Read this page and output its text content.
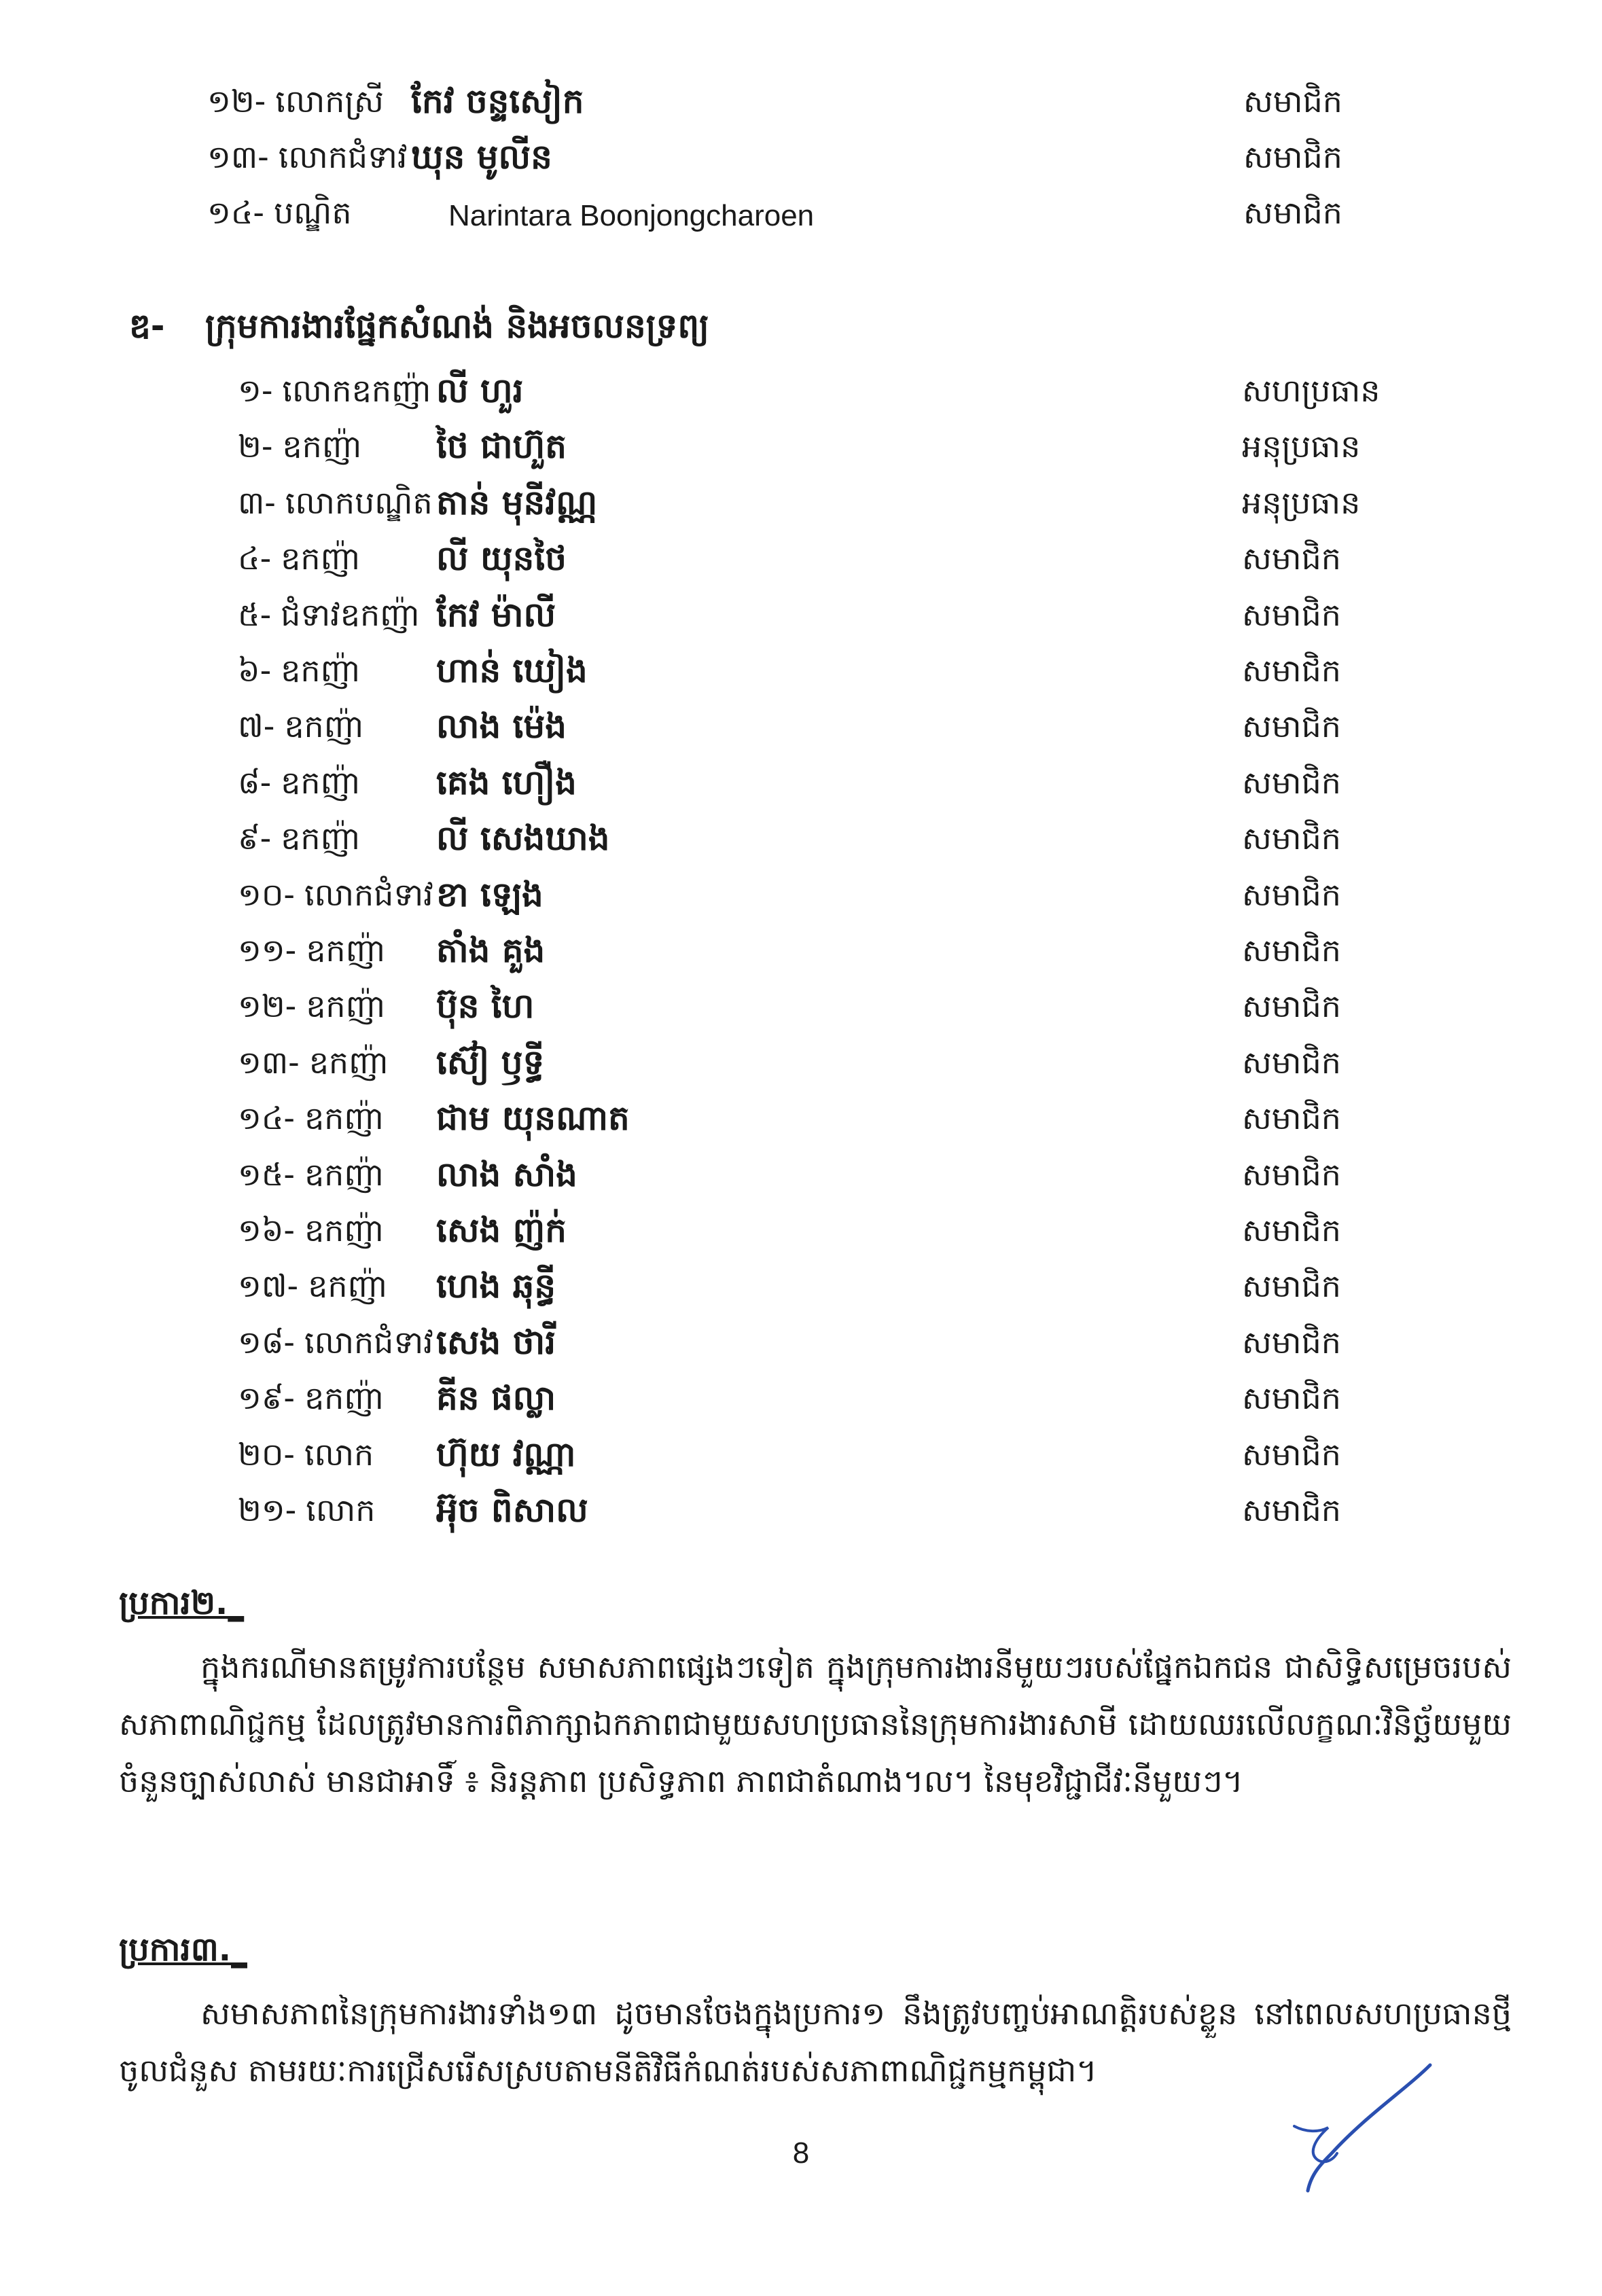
១២- លោកស្រី កែវ ចន្ទសៀក	សមាជិក
១៣- លោកជំទាវ ឃុន មូលីន	សមាជិក
១៤- បណ្ឌិត	Narintara Boonjongcharoen	សមាជិក
ឌ-	ក្រុមការងារផ្នែកសំណង់ និងអចលនទ្រព្យ
១- លោកឧកញ៉ា លី ហួរ	សហប្រធាន
២- ឧកញ៉ា ថៃ ជាហ៊ួត	អនុប្រធាន
៣- លោកបណ្ឌិត តាន់ មុនីវណ្ណ	អនុប្រធាន
៤- ឧកញ៉ា លី យុនថៃ	សមាជិក
៥- ជំទាវឧកញ៉ា កែវ ម៉ាលី	សមាជិក
៦- ឧកញ៉ា ហាន់ ឃៀង	សមាជិក
៧- ឧកញ៉ា លាង ម៉េង	សមាជិក
៨- ឧកញ៉ា គេង ហឿង	សមាជិក
៩- ឧកញ៉ា លី សេងឃាង	សមាជិក
១០- លោកជំទាវ ខា ឡេង	សមាជិក
១១- ឧកញ៉ា តាំង គួង	សមាជិក
១២- ឧកញ៉ា ប៊ុន ហៃ	សមាជិក
១៣- ឧកញ៉ា ស៊ៀ ឫទ្ធី	សមាជិក
១៤- ឧកញ៉ា ជាម យុនណាត	សមាជិក
១៥- ឧកញ៉ា លាង សាំង	សមាជិក
១៦- ឧកញ៉ា សេង ញ៉ក់	សមាជិក
១៧- ឧកញ៉ា ហេង ឆុន្ធី	សមាជិក
១៨- លោកជំទាវ សេង ថារី	សមាជិក
១៩- ឧកញ៉ា គីន ផល្លា	សមាជិក
២០- លោក ហ៊ុយ វណ្ណា	សមាជិក
២១- លោក អ៊ុច ពិសាល	សមាជិក
ប្រការ២._
ក្នុងករណីមានតម្រូវការបន្ថែម សមាសភាពផ្សេងៗទៀត ក្នុងក្រុមការងារនីមួយៗរបស់ផ្នែកឯកជន ជាសិទ្ធិសម្រេចរបស់សភាពាណិជ្ជកម្ម ដែលត្រូវមានការពិភាក្សាឯកភាពជាមួយសហប្រធាននៃក្រុមការងារសាមី ដោយឈរលើលក្ខណៈវិនិច្ឆ័យមួយចំនួនច្បាស់លាស់ មានជាអាទិ៍ ៖ និរន្តភាព ប្រសិទ្ធភាព ភាពជាតំណាង។ល។ នៃមុខវិជ្ជាជីវៈនីមួយៗ។
ប្រការ៣._
សមាសភាពនៃក្រុមការងារទាំង១៣ ដូចមានចែងក្នុងប្រការ១ នឹងត្រូវបញ្ចប់អាណត្តិរបស់ខ្លួន នៅពេលសហប្រធានថ្មីចូលជំនួស តាមរយៈការជ្រើសរើសស្របតាមនីតិវិធីកំណត់របស់សភាពាណិជ្ជកម្មកម្ពុជា។
8
